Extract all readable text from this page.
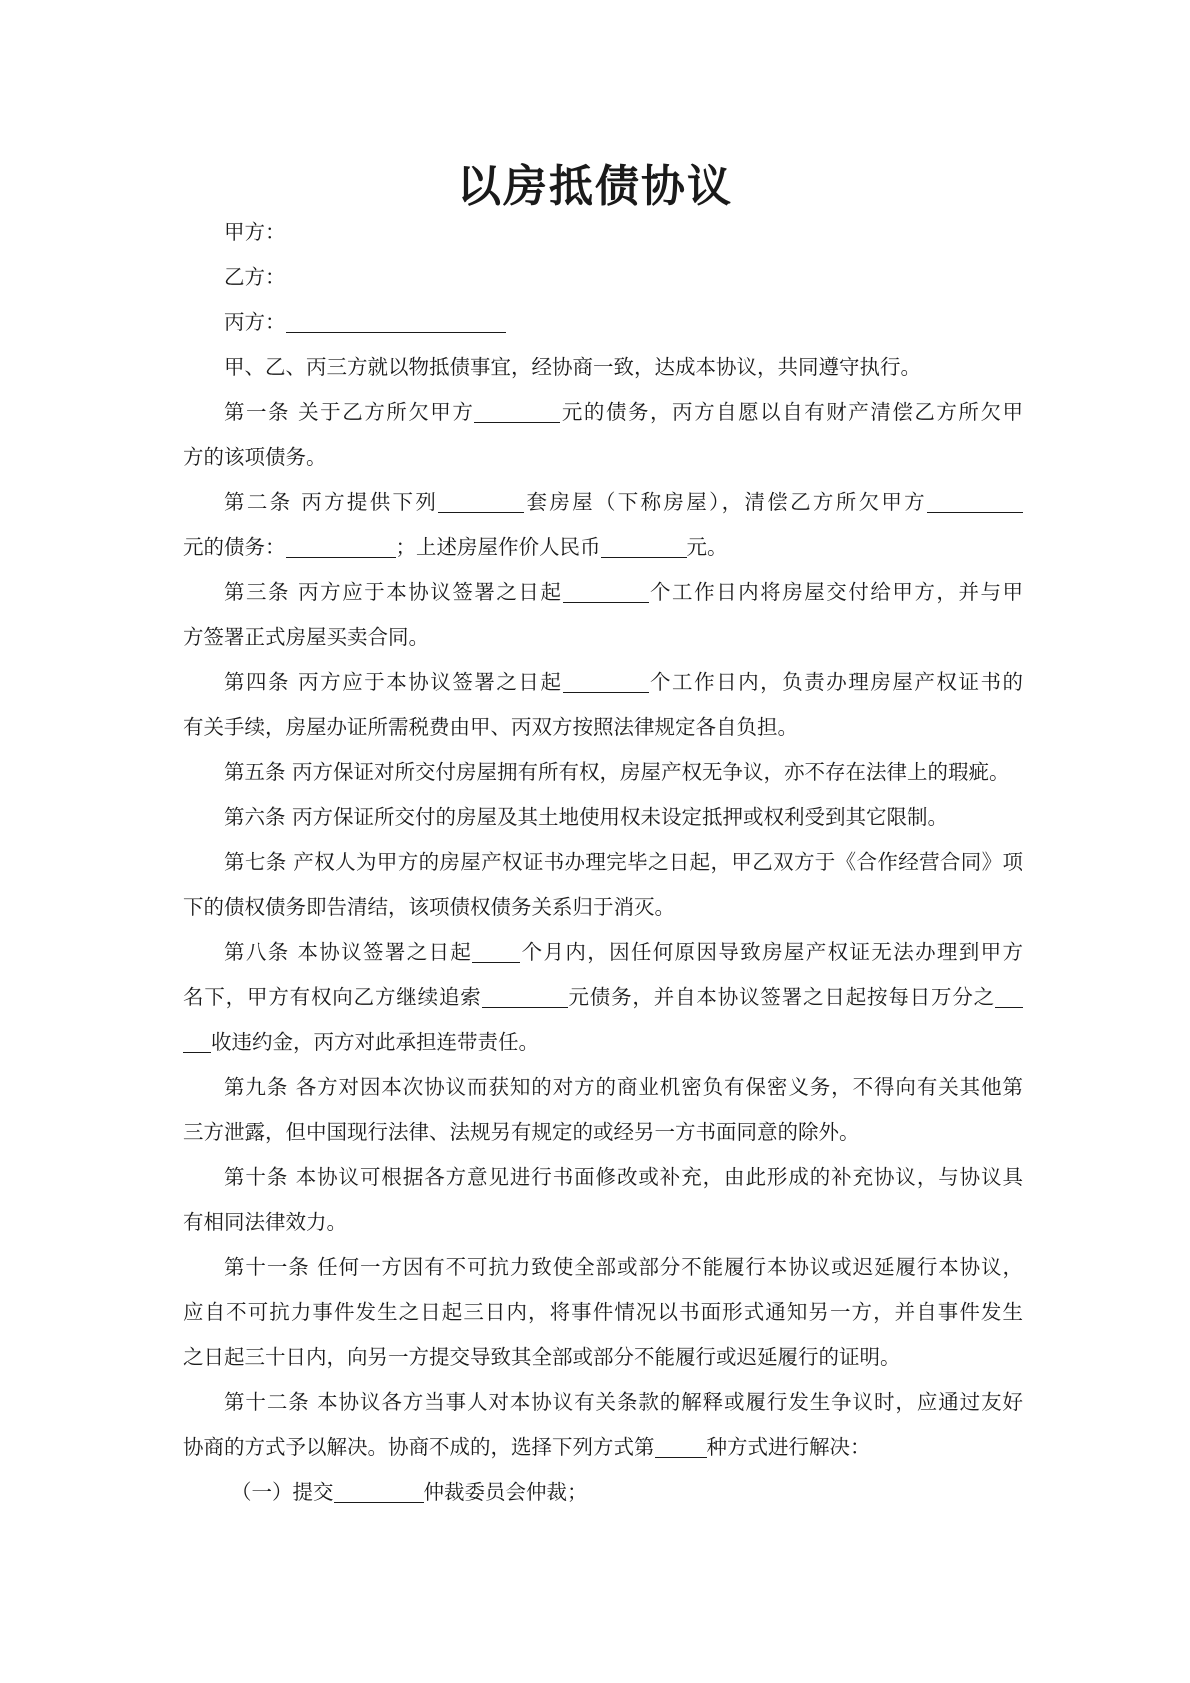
以房抵债协议
甲方：
乙方：
丙方：
甲、乙、丙三方就以物抵债事宜，经协商一致，达成本协议，共同遵守执行。
第一条 关于乙方所欠甲方	元的债务，丙方自愿以自有财产清偿乙方所欠甲
方的该项债务。
第二条 丙方提供下列	套房屋（下称房屋），清偿乙方所欠甲方
元的债务：	；上述房屋作价人民币	元。
第三条 丙方应于本协议签署之日起	个工作日内将房屋交付给甲方，并与甲
方签署正式房屋买卖合同。
第四条 丙方应于本协议签署之日起	个工作日内，负责办理房屋产权证书的
有关手续，房屋办证所需税费由甲、丙双方按照法律规定各自负担。
第五条 丙方保证对所交付房屋拥有所有权，房屋产权无争议，亦不存在法律上的瑕疵。
第六条 丙方保证所交付的房屋及其土地使用权未设定抵押或权利受到其它限制。
第七条 产权人为甲方的房屋产权证书办理完毕之日起，甲乙双方于《合作经营合同》项
下的债权债务即告清结，该项债权债务关系归于消灭。
第八条 本协议签署之日起 个月内，因任何原因导致房屋产权证无法办理到甲方
名下，甲方有权向乙方继续追索	元债务，并自本协议签署之日起按每日万分之
收违约金，丙方对此承担连带责任。
第九条 各方对因本次协议而获知的对方的商业机密负有保密义务，不得向有关其他第
三方泄露，但中国现行法律、法规另有规定的或经另一方书面同意的除外。
第十条 本协议可根据各方意见进行书面修改或补充，由此形成的补充协议，与协议具
有相同法律效力。
第十一条 任何一方因有不可抗力致使全部或部分不能履行本协议或迟延履行本协议，
应自不可抗力事件发生之日起三日内，将事件情况以书面形式通知另一方，并自事件发生
之日起三十日内，向另一方提交导致其全部或部分不能履行或迟延履行的证明。
第十二条 本协议各方当事人对本协议有关条款的解释或履行发生争议时，应通过友好
协商的方式予以解决。协商不成的，选择下列方式第	种方式进行解决：
（一）提交	仲裁委员会仲裁；
